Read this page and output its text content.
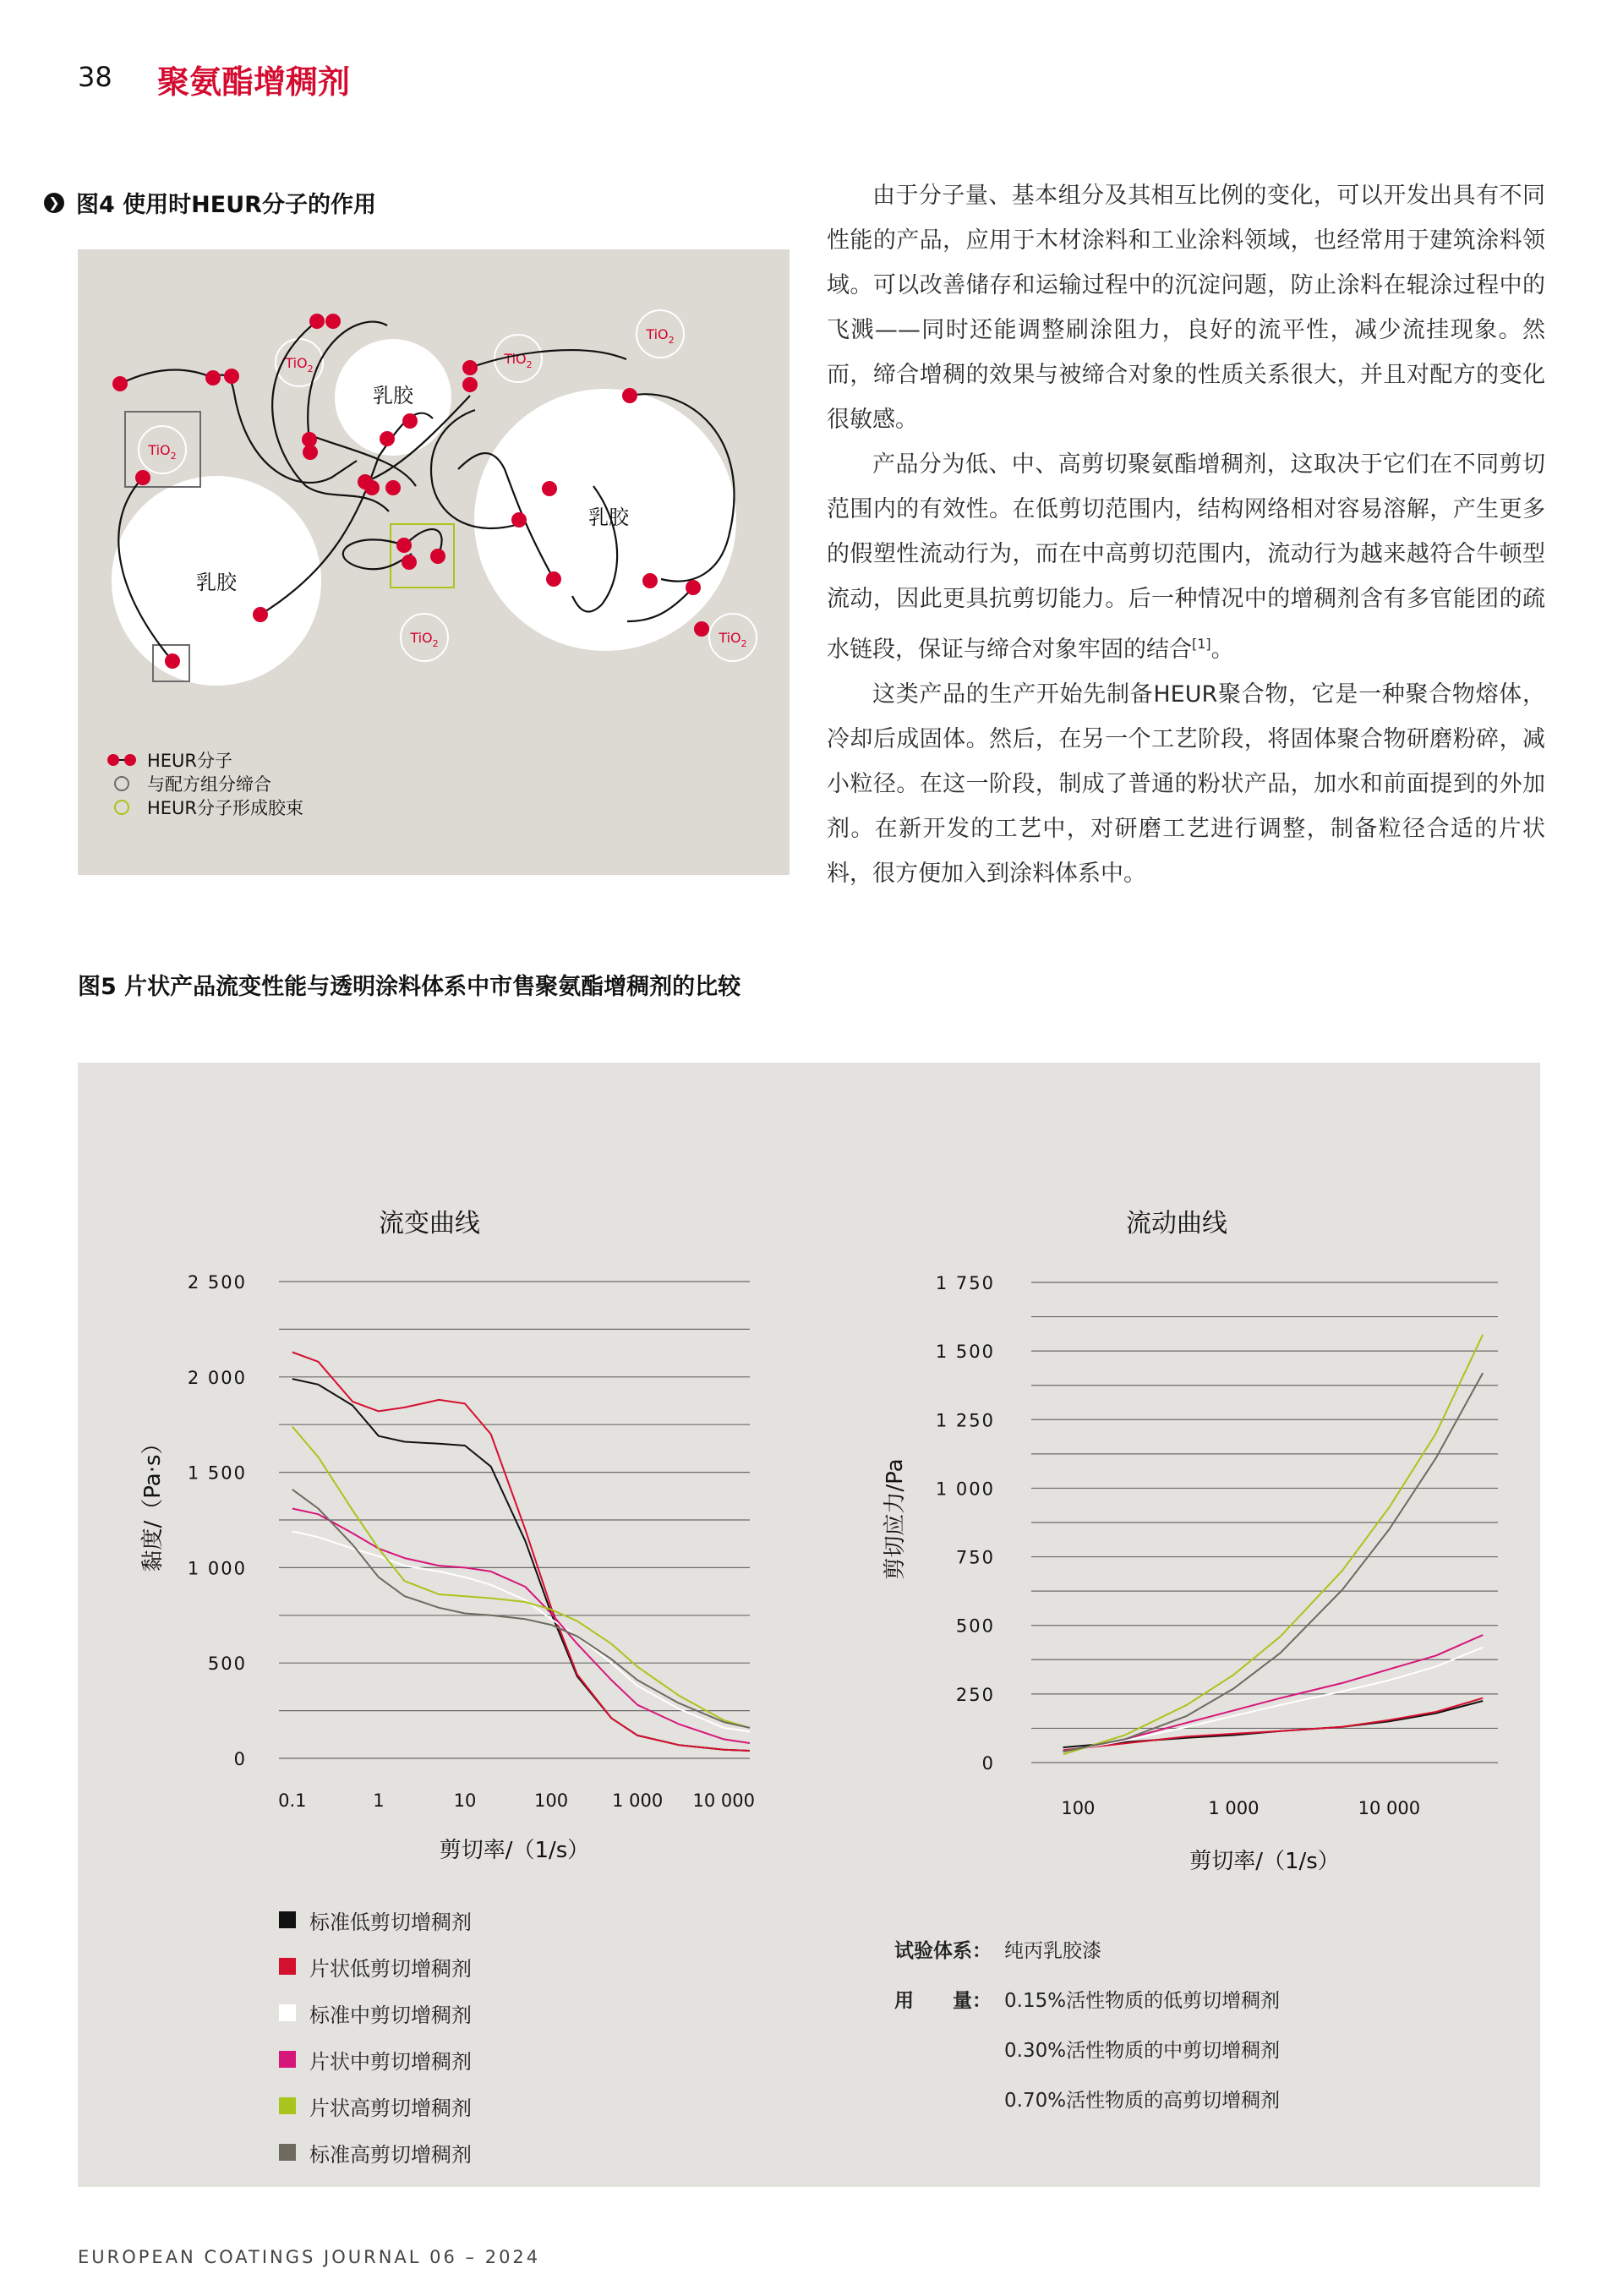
38 聚氨酯增稠剂
❯ 图4 使用时HEUR分子的作用
乳胶
乳胶
乳胶
TiO$_2$
TiO$_2$
TiO$_2$
TiO$_2$
TiO$_2$	TiO$_2$
HEUR分子
与配方组分缔合
HEUR分子形成胶束

由于分子量、基本组分及其相互比例的变化，可以开发出具有不同性能的产品，应用于木材涂料和工业涂料领域，也经常用于建筑涂料领域。可以改善储存和运输过程中的沉淀问题，防止涂料在辊涂过程中的飞溅——同时还能调整刷涂阻力，良好的流平性，减少流挂现象。然而，缔合增稠的效果与被缔合对象的性质关系很大，并且对配方的变化很敏感。

产品分为低、中、高剪切聚氨酯增稠剂，这取决于它们在不同剪切范围内的有效性。在低剪切范围内，结构网络相对容易溶解，产生更多的假塑性流动行为，而在中高剪切范围内，流动行为越来越符合牛顿型流动，因此更具抗剪切能力。后一种情况中的增稠剂含有多官能团的疏水链段，保证与缔合对象牢固的结合[1]。

这类产品的生产开始先制备HEUR聚合物，它是一种聚合物熔体，冷却后成固体。然后，在另一个工艺阶段，将固体聚合物研磨粉碎，减小粒径。在这一阶段，制成了普通的粉状产品，加水和前面提到的外加剂。在新开发的工艺中，对研磨工艺进行调整，制备粒径合适的片状料，很方便加入到涂料体系中。

图5 片状产品流变性能与透明涂料体系中市售聚氨酯增稠剂的比较
流变曲线
0
500
1 000
1 500
2 000
2 500
0.1	1	10	100 1 000 10 000
剪切率/（1/s）
黏度/（Pa·s）
流动曲线
0
250
500
750
1 000
1 250
1 500
1 750
100	1 000	10 000
剪切率/（1/s）
剪切应力/Pa
标准低剪切增稠剂
片状低剪切增稠剂
标准中剪切增稠剂
片状中剪切增稠剂
片状高剪切增稠剂
标准高剪切增稠剂
试验体系： 纯丙乳胶漆
用　　量： 0.15%活性物质的低剪切增稠剂
0.30%活性物质的中剪切增稠剂
0.70%活性物质的高剪切增稠剂
EUROPEAN COATINGS JOURNAL 06 – 2024
